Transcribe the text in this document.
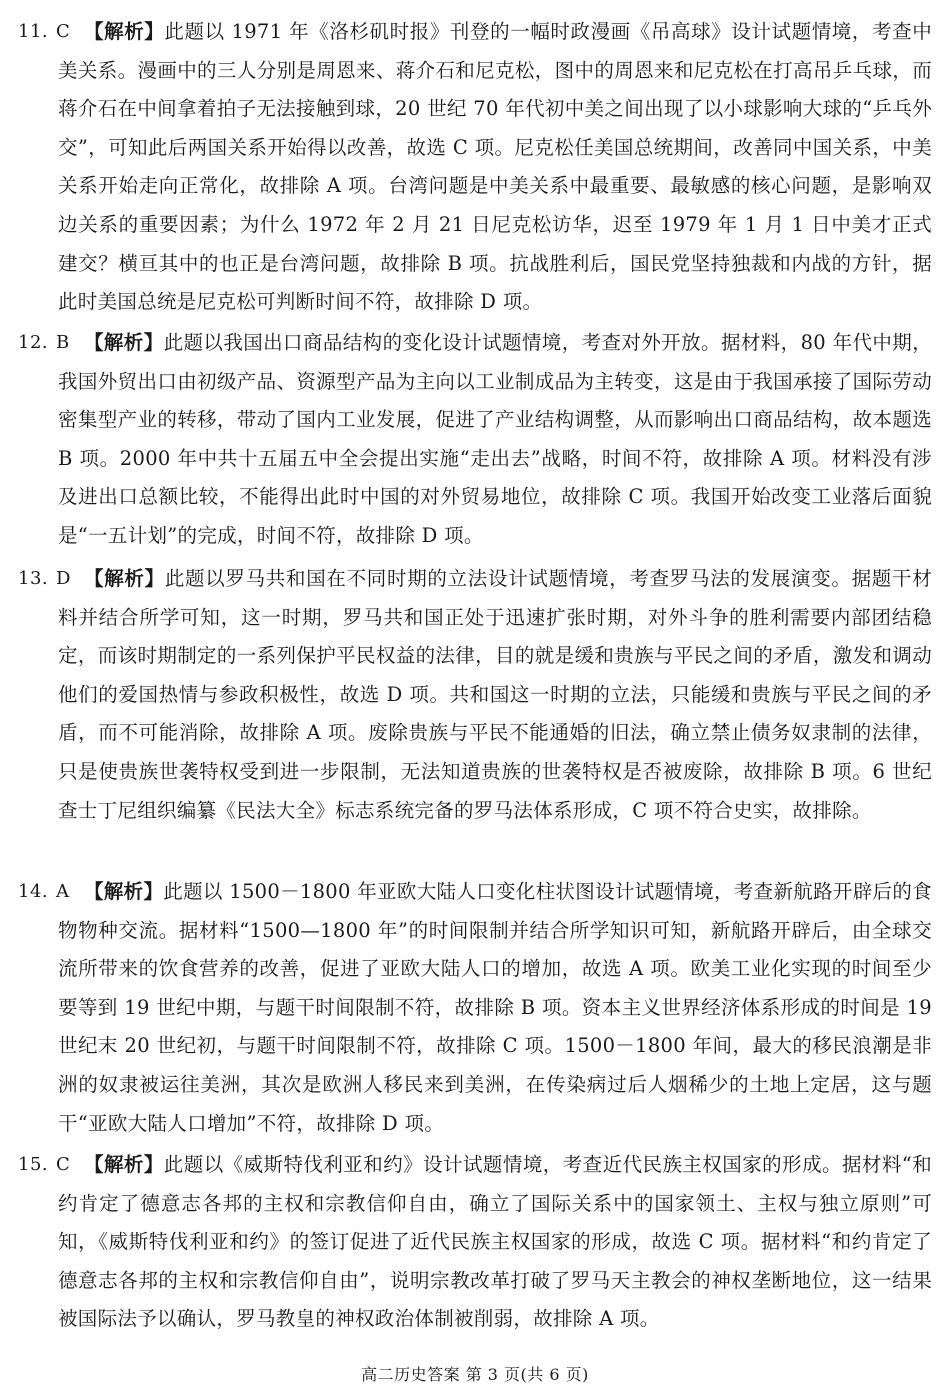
11. C 【解析】此题以 1971 年《洛杉矶时报》刊登的一幅时政漫画《吊高球》设计试题情境，考查中美关系。漫画中的三人分别是周恩来、蒋介石和尼克松，图中的周恩来和尼克松在打高吊乒乓球，而蒋介石在中间拿着拍子无法接触到球，20 世纪 70 年代初中美之间出现了以小球影响大球的“乒乓外交”，可知此后两国关系开始得以改善，故选 C 项。尼克松任美国总统期间，改善同中国关系，中美关系开始走向正常化，故排除 A 项。台湾问题是中美关系中最重要、最敏感的核心问题，是影响双边关系的重要因素；为什么 1972 年 2 月 21 日尼克松访华，迟至 1979 年 1 月 1 日中美才正式建交？横亘其中的也正是台湾问题，故排除 B 项。抗战胜利后，国民党坚持独裁和内战的方针，据此时美国总统是尼克松可判断时间不符，故排除 D 项。
12. B 【解析】此题以我国出口商品结构的变化设计试题情境，考查对外开放。据材料，80 年代中期，我国外贸出口由初级产品、资源型产品为主向以工业制成品为主转变，这是由于我国承接了国际劳动密集型产业的转移，带动了国内工业发展，促进了产业结构调整，从而影响出口商品结构，故本题选 B 项。2000 年中共十五届五中全会提出实施“走出去”战略，时间不符，故排除 A 项。材料没有涉及进出口总额比较，不能得出此时中国的对外贸易地位，故排除 C 项。我国开始改变工业落后面貌是“一五计划”的完成，时间不符，故排除 D 项。
13. D 【解析】此题以罗马共和国在不同时期的立法设计试题情境，考查罗马法的发展演变。据题干材料并结合所学可知，这一时期，罗马共和国正处于迅速扩张时期，对外斗争的胜利需要内部团结稳定，而该时期制定的一系列保护平民权益的法律，目的就是缓和贵族与平民之间的矛盾，激发和调动他们的爱国热情与参政积极性，故选 D 项。共和国这一时期的立法，只能缓和贵族与平民之间的矛盾，而不可能消除，故排除 A 项。废除贵族与平民不能通婚的旧法，确立禁止债务奴隶制的法律，只是使贵族世袭特权受到进一步限制，无法知道贵族的世袭特权是否被废除，故排除 B 项。6 世纪查士丁尼组织编纂《民法大全》标志系统完备的罗马法体系形成，C 项不符合史实，故排除。
14. A 【解析】此题以 1500－1800 年亚欧大陆人口变化柱状图设计试题情境，考查新航路开辟后的食物物种交流。据材料“1500—1800 年”的时间限制并结合所学知识可知，新航路开辟后，由全球交流所带来的饮食营养的改善，促进了亚欧大陆人口的增加，故选 A 项。欧美工业化实现的时间至少要等到 19 世纪中期，与题干时间限制不符，故排除 B 项。资本主义世界经济体系形成的时间是 19 世纪末 20 世纪初，与题干时间限制不符，故排除 C 项。1500－1800 年间，最大的移民浪潮是非洲的奴隶被运往美洲，其次是欧洲人移民来到美洲，在传染病过后人烟稀少的土地上定居，这与题干“亚欧大陆人口增加”不符，故排除 D 项。
15. C 【解析】此题以《威斯特伐利亚和约》设计试题情境，考查近代民族主权国家的形成。据材料“和约肯定了德意志各邦的主权和宗教信仰自由，确立了国际关系中的国家领土、主权与独立原则”可知，《威斯特伐利亚和约》的签订促进了近代民族主权国家的形成，故选 C 项。据材料“和约肯定了德意志各邦的主权和宗教信仰自由”，说明宗教改革打破了罗马天主教会的神权垄断地位，这一结果被国际法予以确认，罗马教皇的神权政治体制被削弱，故排除 A 项。
高二历史答案 第 3 页(共 6 页)
